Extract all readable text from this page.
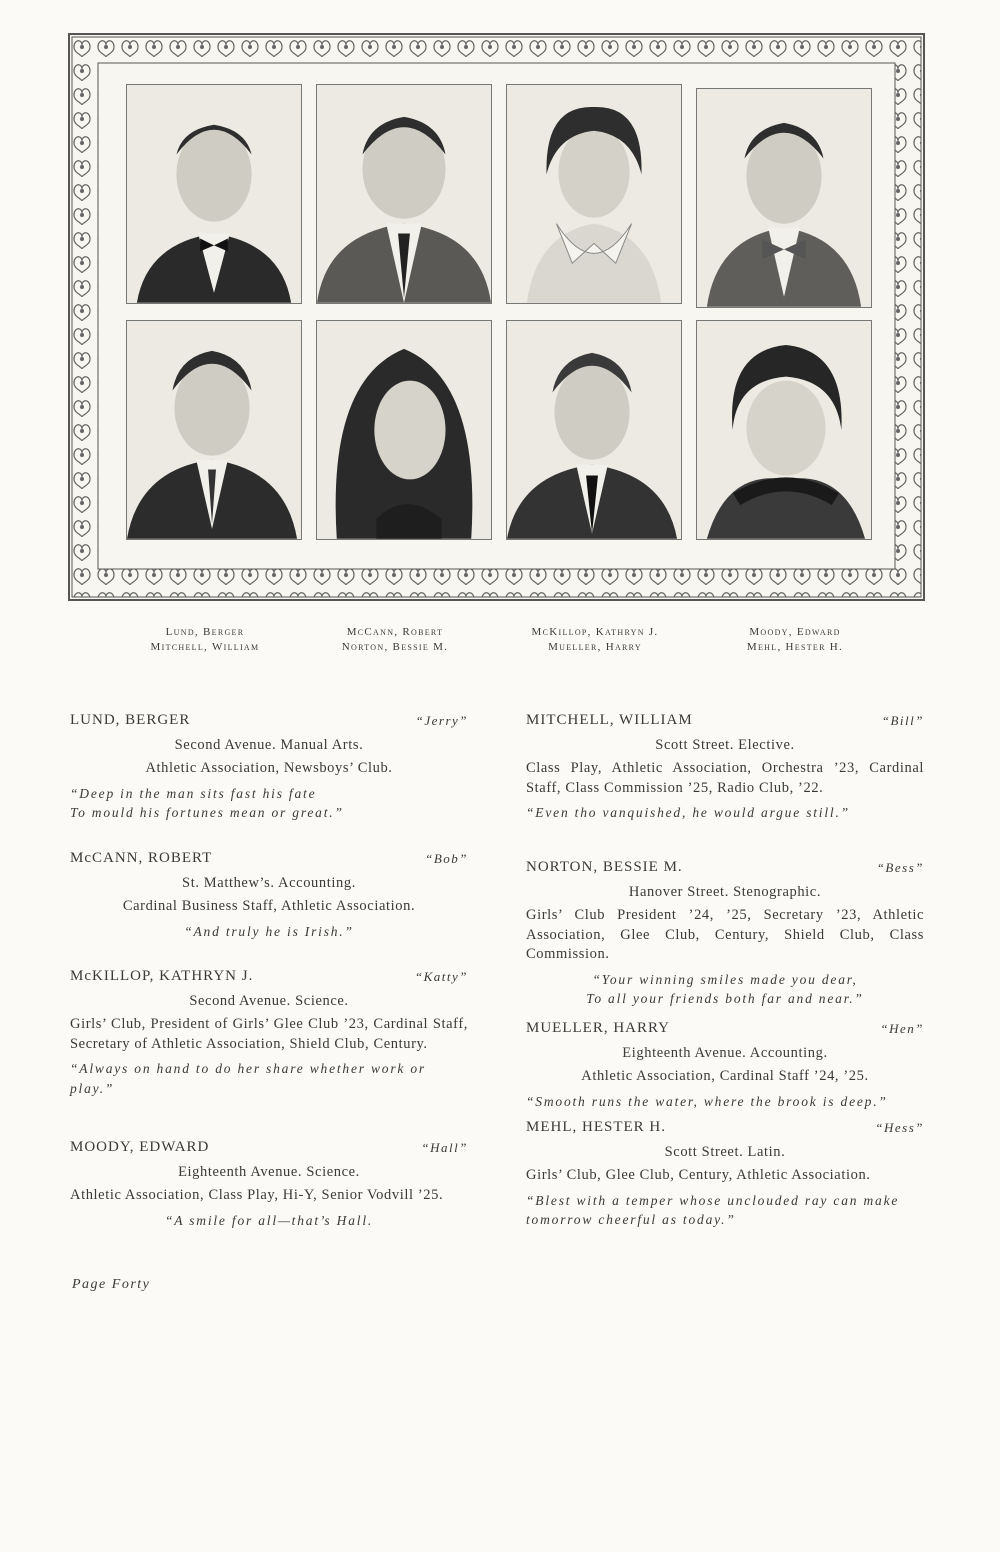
Lund, Berger
Mitchell, William
McCann, Robert
Norton, Bessie M.
McKillop, Kathryn J.
Mueller, Harry
Moody, Edward
Mehl, Hester H.
LUND, BERGER	“Jerry”
Second Avenue. Manual Arts.
Athletic Association, Newsboys’ Club.
“Deep in the man sits fast his fate
To mould his fortunes mean or great.”
McCANN, ROBERT	“Bob”
St. Matthew’s. Accounting.
Cardinal Business Staff, Athletic Association.
“And truly he is Irish.”
McKILLOP, KATHRYN J.	“Katty”
Second Avenue. Science.
Girls’ Club, President of Girls’ Glee Club ’23, Cardinal Staff, Secretary of Athletic Association, Shield Club, Century.
“Always on hand to do her share whether work or play.”
MOODY, EDWARD	“Hall”
Eighteenth Avenue. Science.
Athletic Association, Class Play, Hi-Y, Senior Vodvill ’25.
“A smile for all—that’s Hall.
MITCHELL, WILLIAM	“Bill”
Scott Street. Elective.
Class Play, Athletic Association, Orchestra ’23, Cardinal Staff, Class Commission ’25, Radio Club, ’22.
“Even tho vanquished, he would argue still.”
NORTON, BESSIE M.	“Bess”
Hanover Street. Stenographic.
Girls’ Club President ’24, ’25, Secretary ’23, Athletic Association, Glee Club, Century, Shield Club, Class Commission.
“Your winning smiles made you dear,
To all your friends both far and near.”
MUELLER, HARRY	“Hen”
Eighteenth Avenue. Accounting.
Athletic Association, Cardinal Staff ’24, ’25.
“Smooth runs the water, where the brook is deep.”
MEHL, HESTER H.	“Hess”
Scott Street. Latin.
Girls’ Club, Glee Club, Century, Athletic Association.
“Blest with a temper whose unclouded ray can make tomorrow cheerful as today.”
Page Forty
